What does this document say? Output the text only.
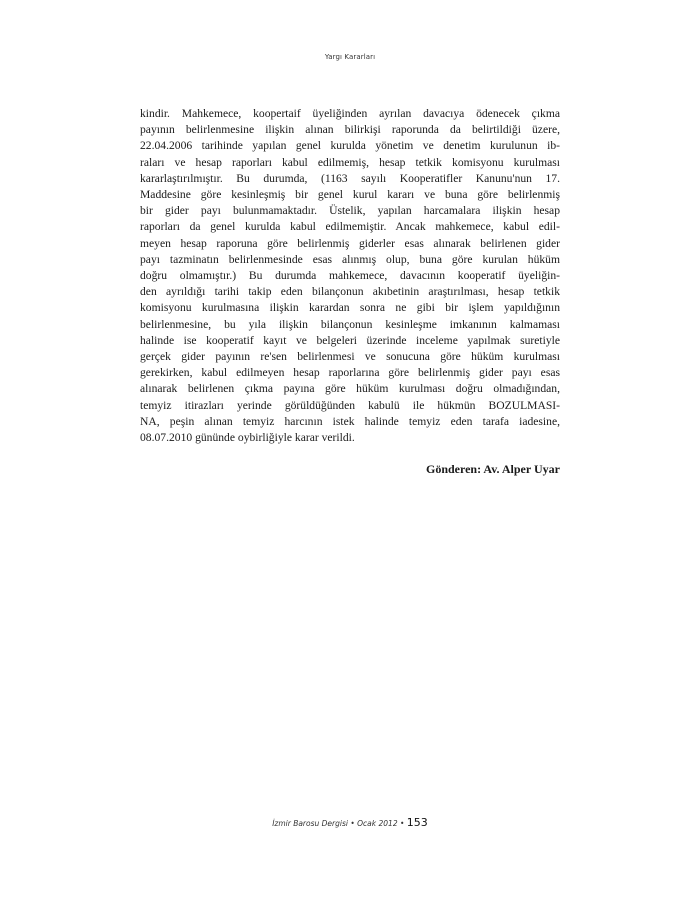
Yargı Kararları
kindir. Mahkemece, koopertaif üyeliğinden ayrılan davacıya ödenecek çıkma
payının belirlenmesine ilişkin alınan bilirkişi raporunda da belirtildiği üzere,
22.04.2006 tarihinde yapılan genel kurulda yönetim ve denetim kurulunun ib-
raları ve hesap raporları kabul edilmemiş, hesap tetkik komisyonu kurulması
kararlaştırılmıştır. Bu durumda, (1163 sayılı Kooperatifler Kanunu'nun 17.
Maddesine göre kesinleşmiş bir genel kurul kararı ve buna göre belirlenmiş
bir gider payı bulunmamaktadır. Üstelik, yapılan harcamalara ilişkin hesap
raporları da genel kurulda kabul edilmemiştir. Ancak mahkemece, kabul edil-
meyen hesap raporuna göre belirlenmiş giderler esas alınarak belirlenen gider
payı tazminatın belirlenmesinde esas alınmış olup, buna göre kurulan hüküm
doğru olmamıştır.) Bu durumda mahkemece, davacının kooperatif üyeliğin-
den ayrıldığı tarihi takip eden bilançonun akıbetinin araştırılması, hesap tetkik
komisyonu kurulmasına ilişkin karardan sonra ne gibi bir işlem yapıldığının
belirlenmesine, bu yıla ilişkin bilançonun kesinleşme imkanının kalmaması
halinde ise kooperatif kayıt ve belgeleri üzerinde inceleme yapılmak suretiyle
gerçek gider payının re'sen belirlenmesi ve sonucuna göre hüküm kurulması
gerekirken, kabul edilmeyen hesap raporlarına göre belirlenmiş gider payı esas
alınarak belirlenen çıkma payına göre hüküm kurulması doğru olmadığından,
temyiz itirazları yerinde görüldüğünden kabulü ile hükmün BOZULMASI-
NA, peşin alınan temyiz harcının istek halinde temyiz eden tarafa iadesine,
08.07.2010 gününde oybirliğiyle karar verildi.
Gönderen: Av. Alper Uyar
İzmir Barosu Dergisi • Ocak 2012 • 153
